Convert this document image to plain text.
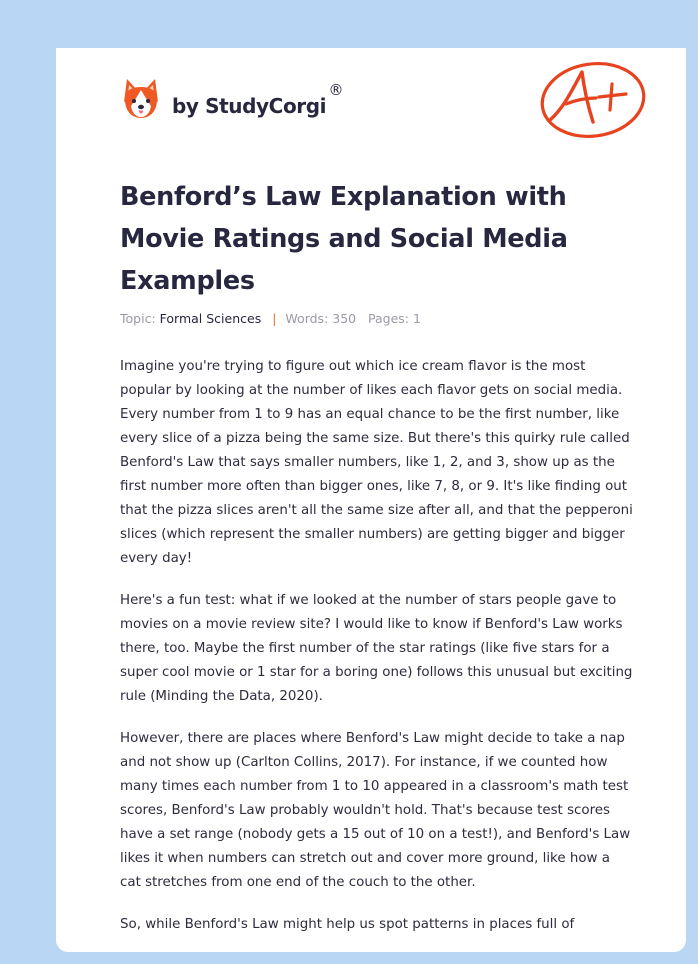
by StudyCorgi
®
Benford’s Law Explanation with Movie Ratings and Social Media Examples
Topic: Formal Sciences | Words: 350 Pages: 1

Imagine you're trying to figure out which ice cream flavor is the most popular by looking at the number of likes each flavor gets on social media. Every number from 1 to 9 has an equal chance to be the first number, like every slice of a pizza being the same size. But there's this quirky rule called Benford's Law that says smaller numbers, like 1, 2, and 3, show up as the first number more often than bigger ones, like 7, 8, or 9. It's like finding out that the pizza slices aren't all the same size after all, and that the pepperoni slices (which represent the smaller numbers) are getting bigger and bigger every day!

Here's a fun test: what if we looked at the number of stars people gave to movies on a movie review site? I would like to know if Benford's Law works there, too. Maybe the first number of the star ratings (like five stars for a super cool movie or 1 star for a boring one) follows this unusual but exciting rule (Minding the Data, 2020).

However, there are places where Benford's Law might decide to take a nap and not show up (Carlton Collins, 2017). For instance, if we counted how many times each number from 1 to 10 appeared in a classroom's math test scores, Benford's Law probably wouldn't hold. That's because test scores have a set range (nobody gets a 15 out of 10 on a test!), and Benford's Law likes it when numbers can stretch out and cover more ground, like how a cat stretches from one end of the couch to the other.

So, while Benford's Law might help us spot patterns in places full of
